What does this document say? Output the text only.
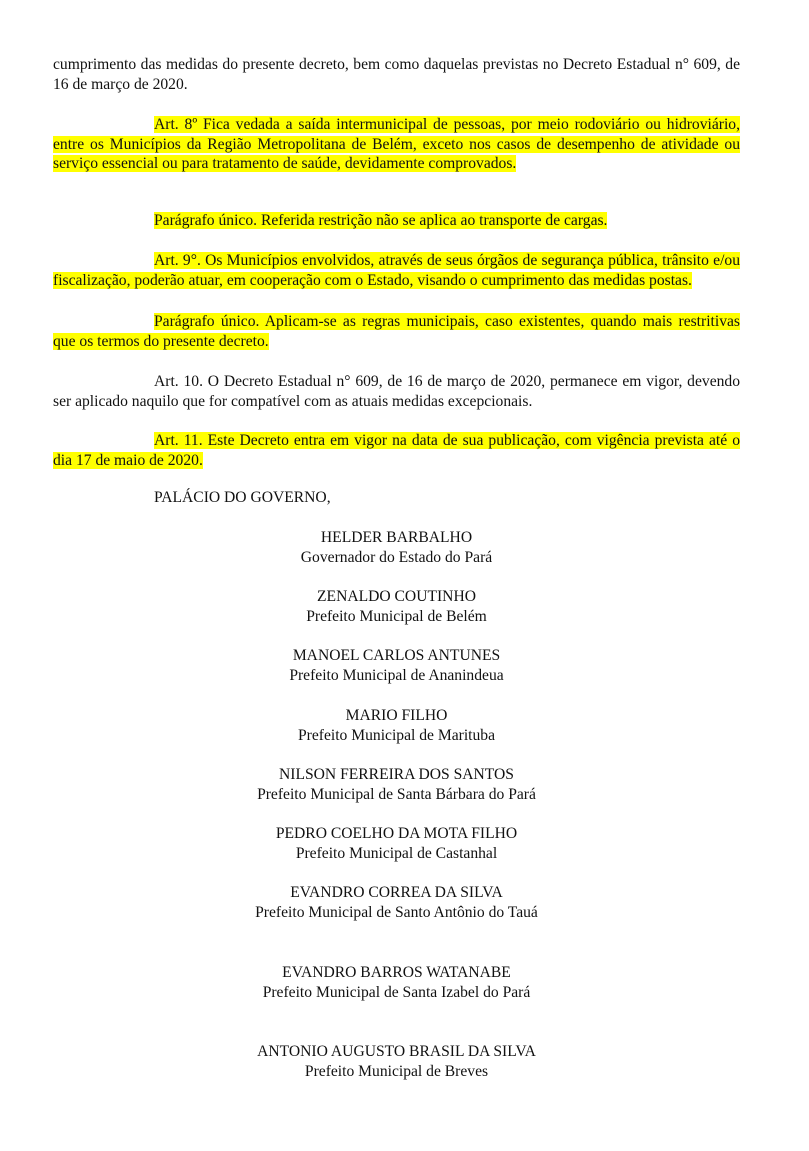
cumprimento das medidas do presente decreto, bem como daquelas previstas no Decreto Estadual n° 609, de 16 de março de 2020.
Art. 8º Fica vedada a saída intermunicipal de pessoas, por meio rodoviário ou hidroviário, entre os Municípios da Região Metropolitana de Belém, exceto nos casos de desempenho de atividade ou serviço essencial ou para tratamento de saúde, devidamente comprovados.
Parágrafo único. Referida restrição não se aplica ao transporte de cargas.
Art. 9°. Os Municípios envolvidos, através de seus órgãos de segurança pública, trânsito e/ou fiscalização, poderão atuar, em cooperação com o Estado, visando o cumprimento das medidas postas.
Parágrafo único. Aplicam-se as regras municipais, caso existentes, quando mais restritivas que os termos do presente decreto.
Art. 10. O Decreto Estadual n° 609, de 16 de março de 2020, permanece em vigor, devendo ser aplicado naquilo que for compatível com as atuais medidas excepcionais.
Art. 11. Este Decreto entra em vigor na data de sua publicação, com vigência prevista até o dia 17 de maio de 2020.
PALÁCIO DO GOVERNO,
HELDER BARBALHO
Governador do Estado do Pará
ZENALDO COUTINHO
Prefeito Municipal de Belém
MANOEL CARLOS ANTUNES
Prefeito Municipal de Ananindeua
MARIO FILHO
Prefeito Municipal de Marituba
NILSON FERREIRA DOS SANTOS
Prefeito Municipal de Santa Bárbara do Pará
PEDRO COELHO DA MOTA FILHO
Prefeito Municipal de Castanhal
EVANDRO CORREA DA SILVA
Prefeito Municipal de Santo Antônio do Tauá
EVANDRO BARROS WATANABE
Prefeito Municipal de Santa Izabel do Pará
ANTONIO AUGUSTO BRASIL DA SILVA
Prefeito Municipal de Breves
